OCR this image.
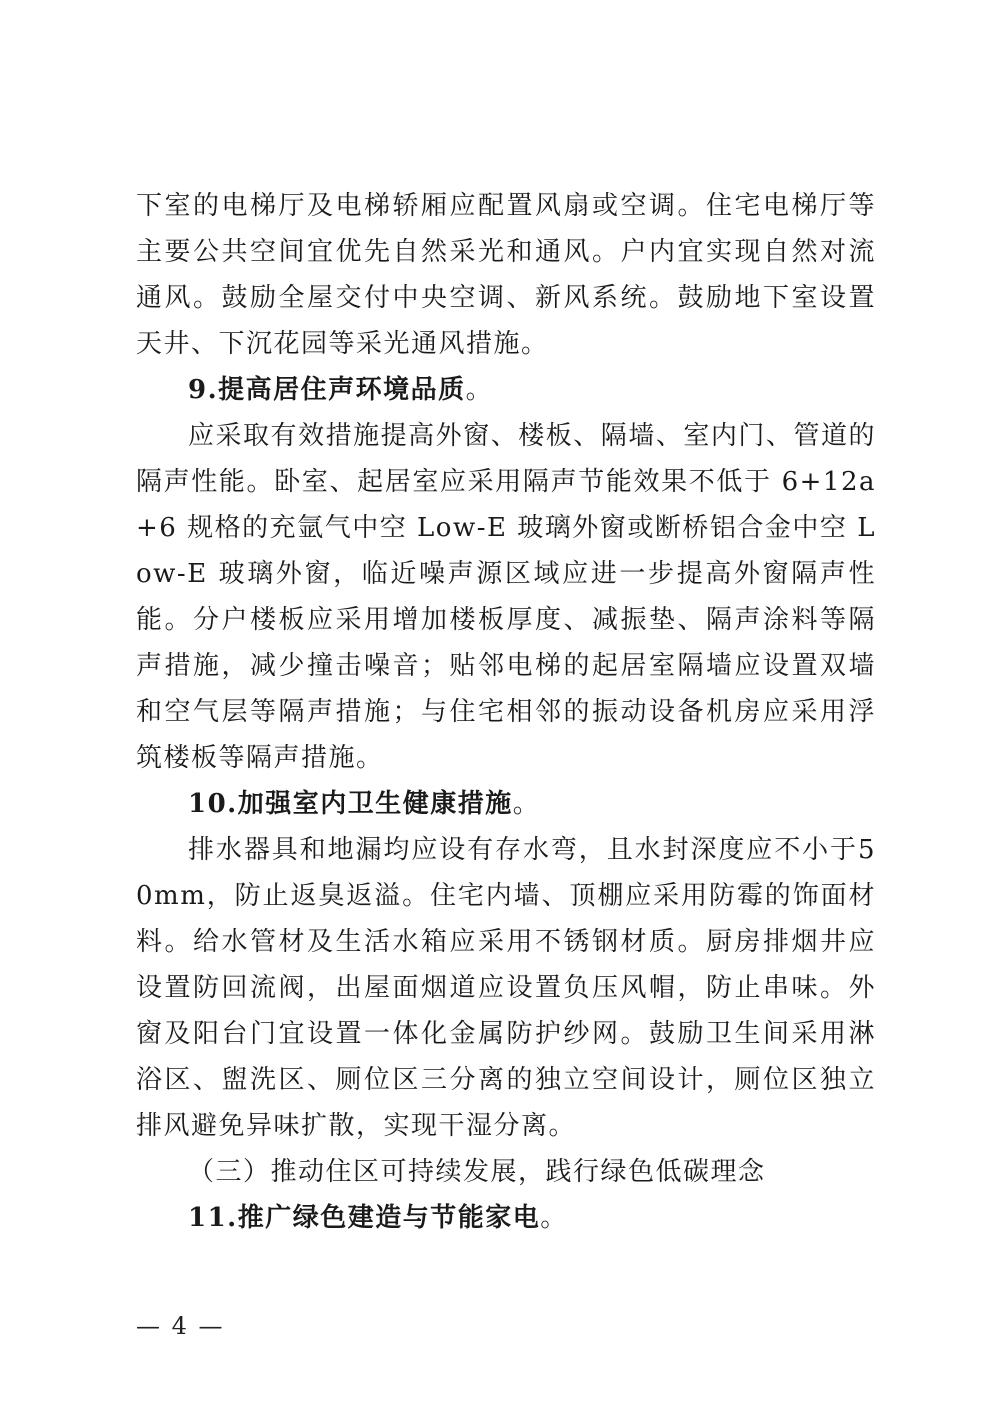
下室的电梯厅及电梯轿厢应配置风扇或空调。住宅电梯厅等主要公共空间宜优先自然采光和通风。户内宜实现自然对流通风。鼓励全屋交付中央空调、新风系统。鼓励地下室设置天井、下沉花园等采光通风措施。

9.提高居住声环境品质。

应采取有效措施提高外窗、楼板、隔墙、室内门、管道的隔声性能。卧室、起居室应采用隔声节能效果不低于 6+12a+6 规格的充氩气中空 Low-E 玻璃外窗或断桥铝合金中空 Low-E 玻璃外窗，临近噪声源区域应进一步提高外窗隔声性能。分户楼板应采用增加楼板厚度、减振垫、隔声涂料等隔声措施，减少撞击噪音；贴邻电梯的起居室隔墙应设置双墙和空气层等隔声措施；与住宅相邻的振动设备机房应采用浮筑楼板等隔声措施。

10.加强室内卫生健康措施。

排水器具和地漏均应设有存水弯，且水封深度应不小于50mm，防止返臭返溢。住宅内墙、顶棚应采用防霉的饰面材料。给水管材及生活水箱应采用不锈钢材质。厨房排烟井应设置防回流阀，出屋面烟道应设置负压风帽，防止串味。外窗及阳台门宜设置一体化金属防护纱网。鼓励卫生间采用淋浴区、盥洗区、厕位区三分离的独立空间设计，厕位区独立排风避免异味扩散，实现干湿分离。

（三）推动住区可持续发展，践行绿色低碳理念

11.推广绿色建造与节能家电。

— 4 —
